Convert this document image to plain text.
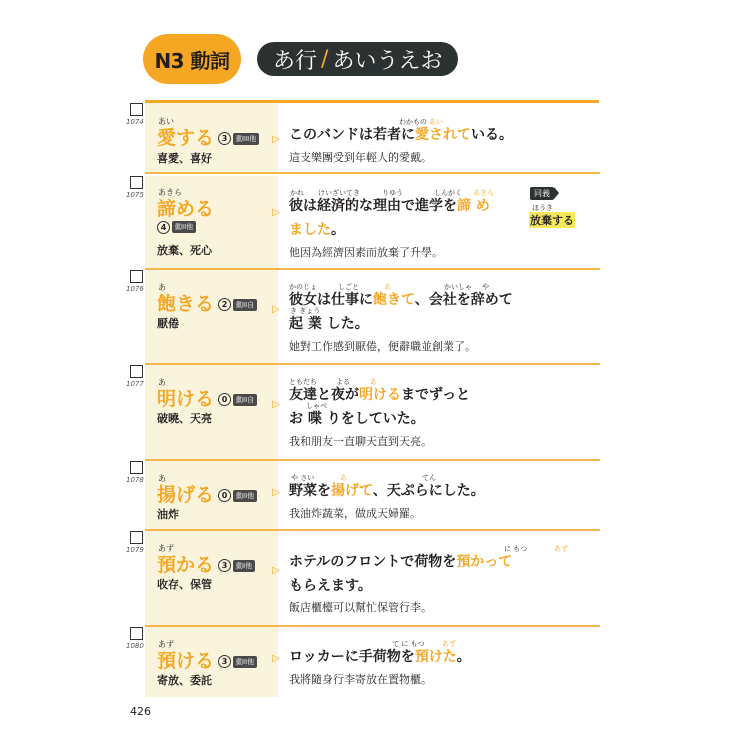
N3 動詞	あ行 / あいうえお
1074 あい
愛する 3 動III他
喜愛、喜好
▷
わかもの あい
このバンドは若者に愛されている。
這支樂團受到年輕人的愛戴。
1075 あきら
諦める
4 動II他
放棄、死心
▷
かれ けいざいてき	りゆう	しんがく あきら
彼は経済的な理由で進学を諦 め
ました。
同義
ほうき
放棄する
他因為經濟因素而放棄了升學。
1076 あ
飽きる 2 動II自
厭倦
▷
かのじょ	しごと	あ	かいしゃ や
き ぎょう
彼女は仕事に飽きて、会社を辞めて
起 業 した。
她對工作感到厭倦，便辭職並創業了。
1077 あ
明ける 0 動II自
破曉、天亮
▷
ともだち	よる	あ
しゃべ
友達と夜が明けるまでずっと
お 喋 りをしていた。
我和朋友一直聊天直到天亮。
1078 あ
揚げる 0 動II他
油炸
▷
や さい	あ	てん
野菜を揚げて、天ぷらにした。
我油炸蔬菜，做成天婦羅。
1079 あず
預かる 3 動I他
收存、保管
▷
に もつ	あず
ホテルのフロントで荷物を預かって
もらえます。
飯店櫃檯可以幫忙保管行李。
1080 あず
預ける 3 動II他
寄放、委託
▷
て に もつ	あず
ロッカーに手荷物を預けた。
我將隨身行李寄放在置物櫃。
426
